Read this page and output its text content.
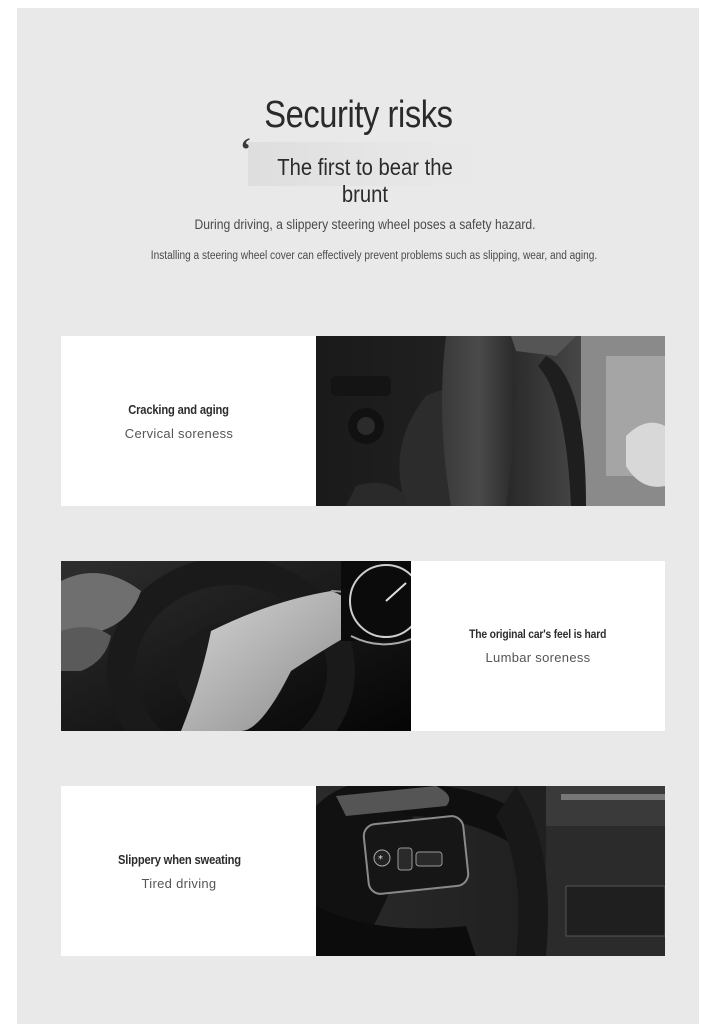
Security risks
‘	The first to bear the brunt
During driving, a slippery steering wheel poses a safety hazard.
Installing a steering wheel cover can effectively prevent problems such as slipping, wear, and aging.
Cracking and aging
Cervical soreness
The original car's feel is hard
Lumbar soreness
Slippery when sweating
Tired driving
*
